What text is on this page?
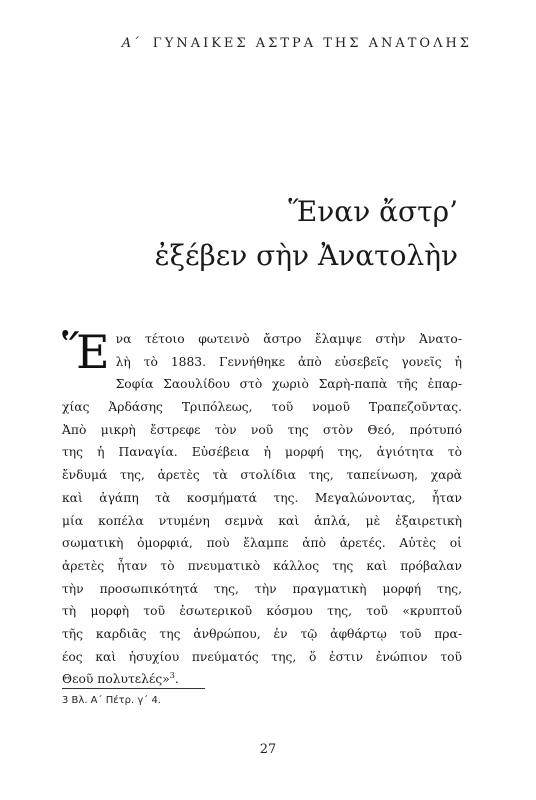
Α΄ ΓΥΝΑΙΚΕΣ ΑΣΤΡΑ ΤΗΣ ΑΝΑΤΟΛΗΣ
Ἕναν ἄστρ’
ἐξέβεν σὴν Ἀνατολὴν
Ἕ να τέτοιο φωτεινὸ ἄστρο ἔλαμψε στὴν Ἀνατο-
λὴ τὸ 1883. Γεννήθηκε ἀπὸ εὐσεβεῖς γονεῖς ἡ
Σοφία Σαουλίδου στὸ χωριὸ Σαρὴ-παπὰ τῆς ἐπαρ-
χίας Ἀρδάσης Τριπόλεως, τοῦ νομοῦ Τραπεζοῦντας.
Ἀπὸ μικρὴ ἔστρεφε τὸν νοῦ της στὸν Θεό, πρότυπό
της ἡ Παναγία. Εὐσέβεια ἡ μορφή της, ἁγιότητα τὸ
ἔνδυμά της, ἀρετὲς τὰ στολίδια της, ταπείνωση, χαρὰ
καὶ ἀγάπη τὰ κοσμήματά της. Μεγαλώνοντας, ἦταν
μία κοπέλα ντυμένη σεμνὰ καὶ ἁπλά, μὲ ἐξαιρετικὴ
σωματικὴ ὀμορφιά, ποὺ ἔλαμπε ἀπὸ ἀρετές. Αὐτὲς οἱ
ἀρετὲς ἦταν τὸ πνευματικὸ κάλλος της καὶ πρόβαλαν
τὴν προσωπικότητά της, τὴν πραγματικὴ μορφή της,
τὴ μορφὴ τοῦ ἐσωτερικοῦ κόσμου της, τοῦ «κρυπτοῦ
τῆς καρδιᾶς της ἀνθρώπου, ἐν τῷ ἀφθάρτῳ τοῦ πρα-
έος καὶ ἡσυχίου πνεύματός της, ὅ ἐστιν ἐνώπιον τοῦ
Θεοῦ πολυτελές»$^3$.
3 Βλ. Α΄ Πέτρ. γ΄ 4.
27
